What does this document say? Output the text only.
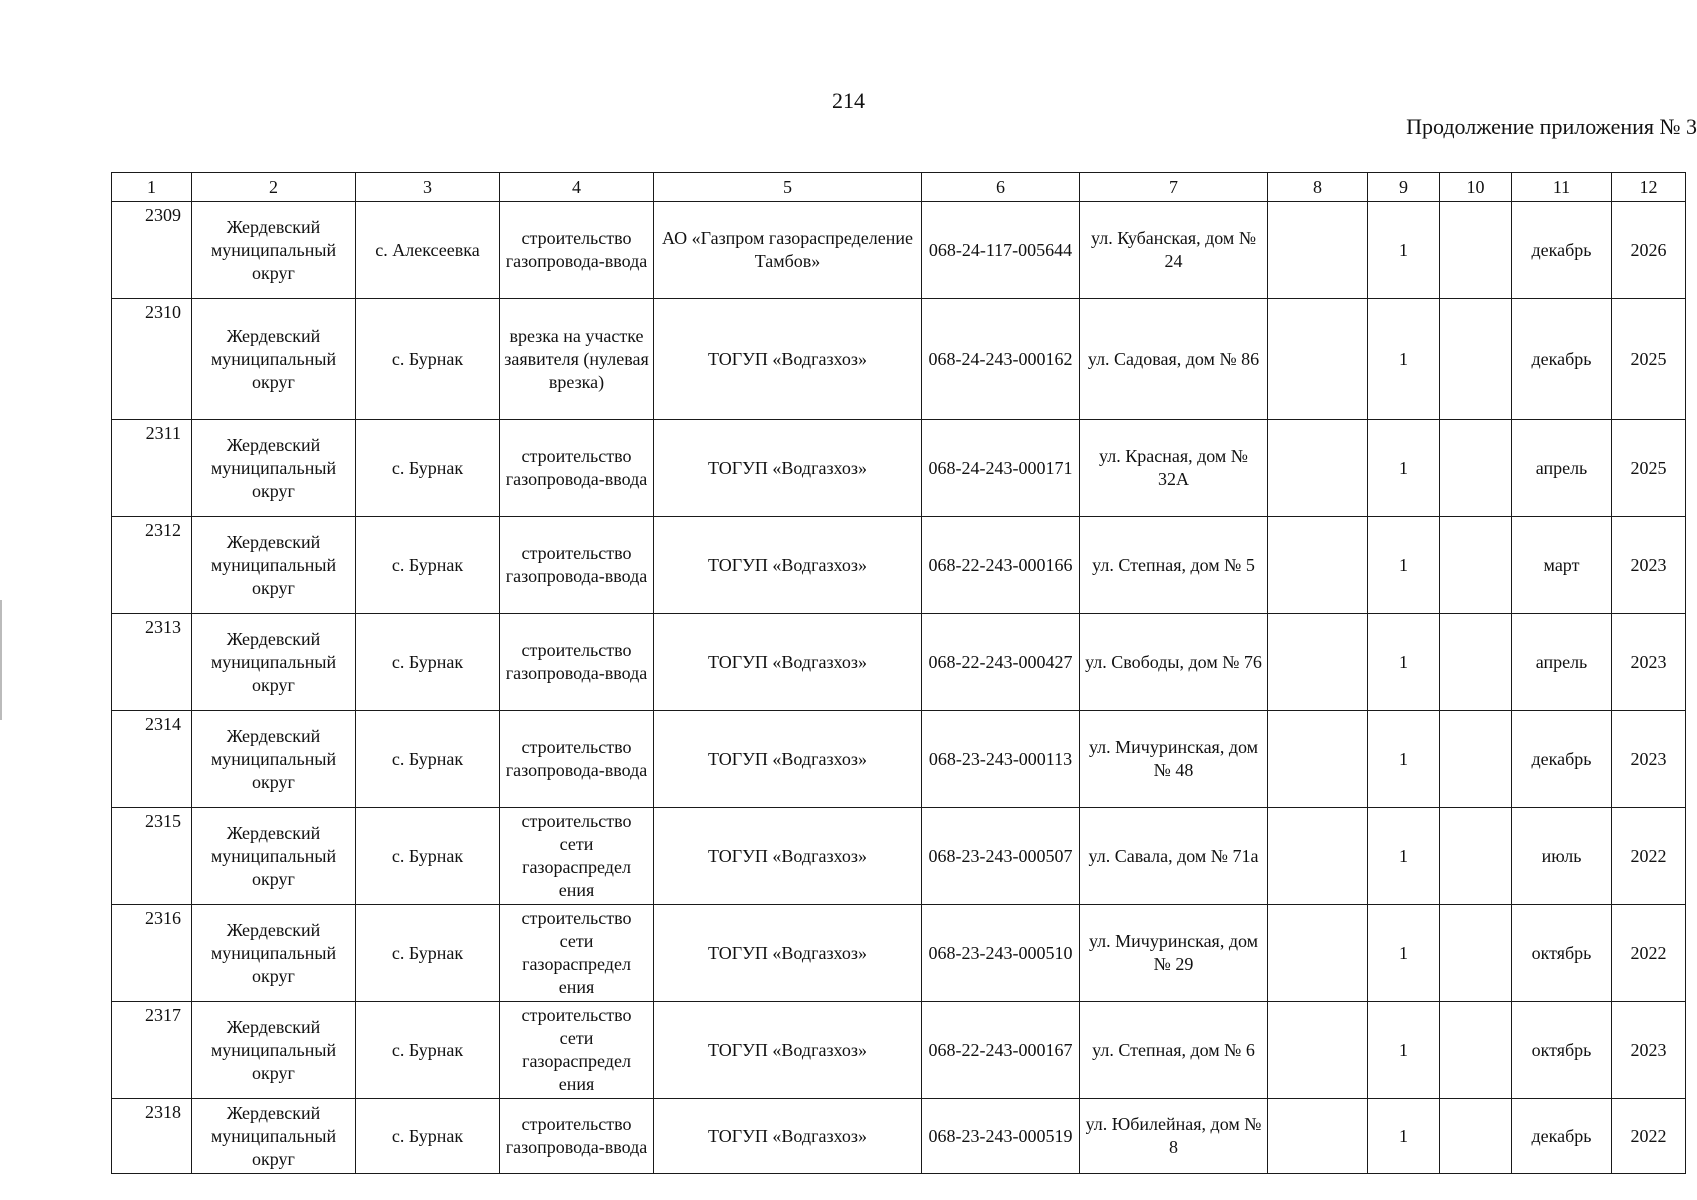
214
Продолжение приложения № 3
1	2	3	4	5	6	7	8	9	10	11	12
2309	Жердевский муниципальный округ	с. Алексеевка	строительство газопровода-ввода	АО «Газпром газораспределение Тамбов»	068-24-117-005644	ул. Кубанская, дом № 24		1		декабрь	2026
2310	Жердевский муниципальный округ	с. Бурнак	врезка на участке заявителя (нулевая врезка)	ТОГУП «Водгазхоз»	068-24-243-000162	ул. Садовая, дом № 86		1		декабрь	2025
2311	Жердевский муниципальный округ	с. Бурнак	строительство газопровода-ввода	ТОГУП «Водгазхоз»	068-24-243-000171	ул. Красная, дом № 32А		1		апрель	2025
2312	Жердевский муниципальный округ	с. Бурнак	строительство газопровода-ввода	ТОГУП «Водгазхоз»	068-22-243-000166	ул. Степная, дом № 5		1		март	2023
2313	Жердевский муниципальный округ	с. Бурнак	строительство газопровода-ввода	ТОГУП «Водгазхоз»	068-22-243-000427	ул. Свободы, дом № 76		1		апрель	2023
2314	Жердевский муниципальный округ	с. Бурнак	строительство газопровода-ввода	ТОГУП «Водгазхоз»	068-23-243-000113	ул. Мичуринская, дом № 48		1		декабрь	2023
2315	Жердевский муниципальный округ	с. Бурнак	строительство сети газораспредел ения	ТОГУП «Водгазхоз»	068-23-243-000507	ул. Савала, дом № 71а		1		июль	2022
2316	Жердевский муниципальный округ	с. Бурнак	строительство сети газораспредел ения	ТОГУП «Водгазхоз»	068-23-243-000510	ул. Мичуринская, дом № 29		1		октябрь	2022
2317	Жердевский муниципальный округ	с. Бурнак	строительство сети газораспредел ения	ТОГУП «Водгазхоз»	068-22-243-000167	ул. Степная, дом № 6		1		октябрь	2023
2318	Жердевский муниципальный округ	с. Бурнак	строительство газопровода-ввода	ТОГУП «Водгазхоз»	068-23-243-000519	ул. Юбилейная, дом № 8		1		декабрь	2022
